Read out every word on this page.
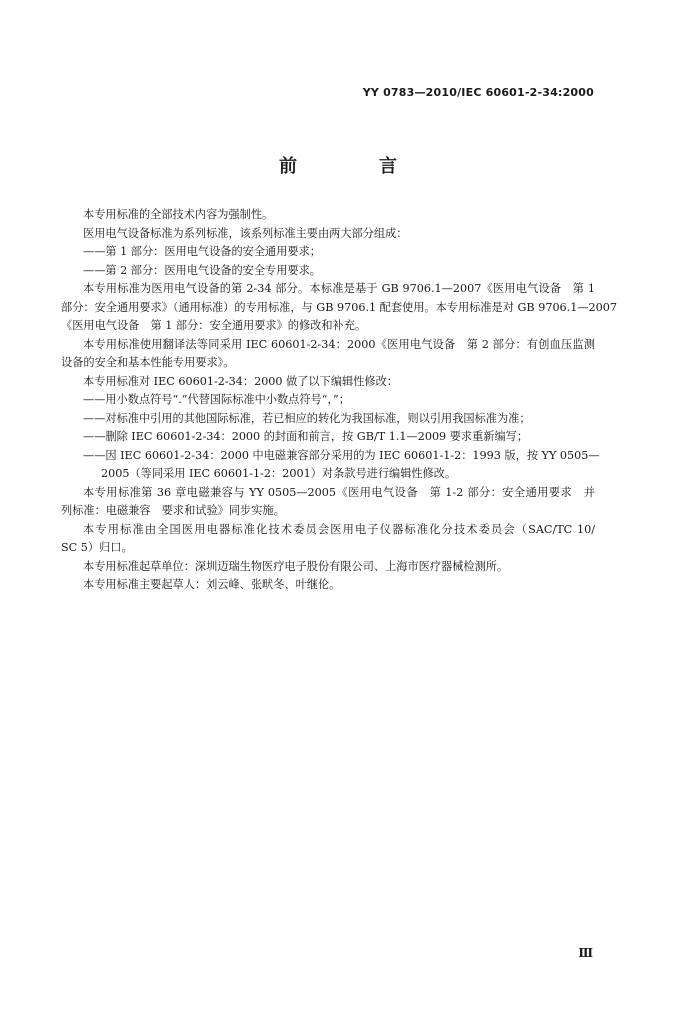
YY 0783—2010/IEC 60601-2-34:2000
前　言

本专用标准的全部技术内容为强制性。

医用电气设备标准为系列标准，该系列标准主要由两大部分组成：

——第 1 部分：医用电气设备的安全通用要求；

——第 2 部分：医用电气设备的安全专用要求。

本专用标准为医用电气设备的第 2-34 部分。本标准是基于 GB 9706.1—2007《医用电气设备　第 1

部分：安全通用要求》（通用标准）的专用标准，与 GB 9706.1 配套使用。本专用标准是对 GB 9706.1—2007

《医用电气设备　第 1 部分：安全通用要求》的修改和补充。

本专用标准使用翻译法等同采用 IEC 60601-2-34：2000《医用电气设备　第 2 部分：有创血压监测

设备的安全和基本性能专用要求》。

本专用标准对 IEC 60601-2-34：2000 做了以下编辑性修改：

——用小数点符号“.”代替国际标准中小数点符号“，”；

——对标准中引用的其他国际标准，若已相应的转化为我国标准，则以引用我国标准为准；

——删除 IEC 60601-2-34：2000 的封面和前言，按 GB/T 1.1—2009 要求重新编写；

——因 IEC 60601-2-34：2000 中电磁兼容部分采用的为 IEC 60601-1-2：1993 版，按 YY 0505—

2005（等同采用 IEC 60601-1-2：2001）对条款号进行编辑性修改。

本专用标准第 36 章电磁兼容与 YY 0505—2005《医用电气设备　第 1-2 部分：安全通用要求　并

列标准：电磁兼容　要求和试验》同步实施。

本专用标准由全国医用电器标准化技术委员会医用电子仪器标准化分技术委员会（SAC/TC 10/

SC 5）归口。

本专用标准起草单位：深圳迈瑞生物医疗电子股份有限公司、上海市医疗器械检测所。

本专用标准主要起草人：刘云峰、张畎冬、叶继伦。

Ⅲ
